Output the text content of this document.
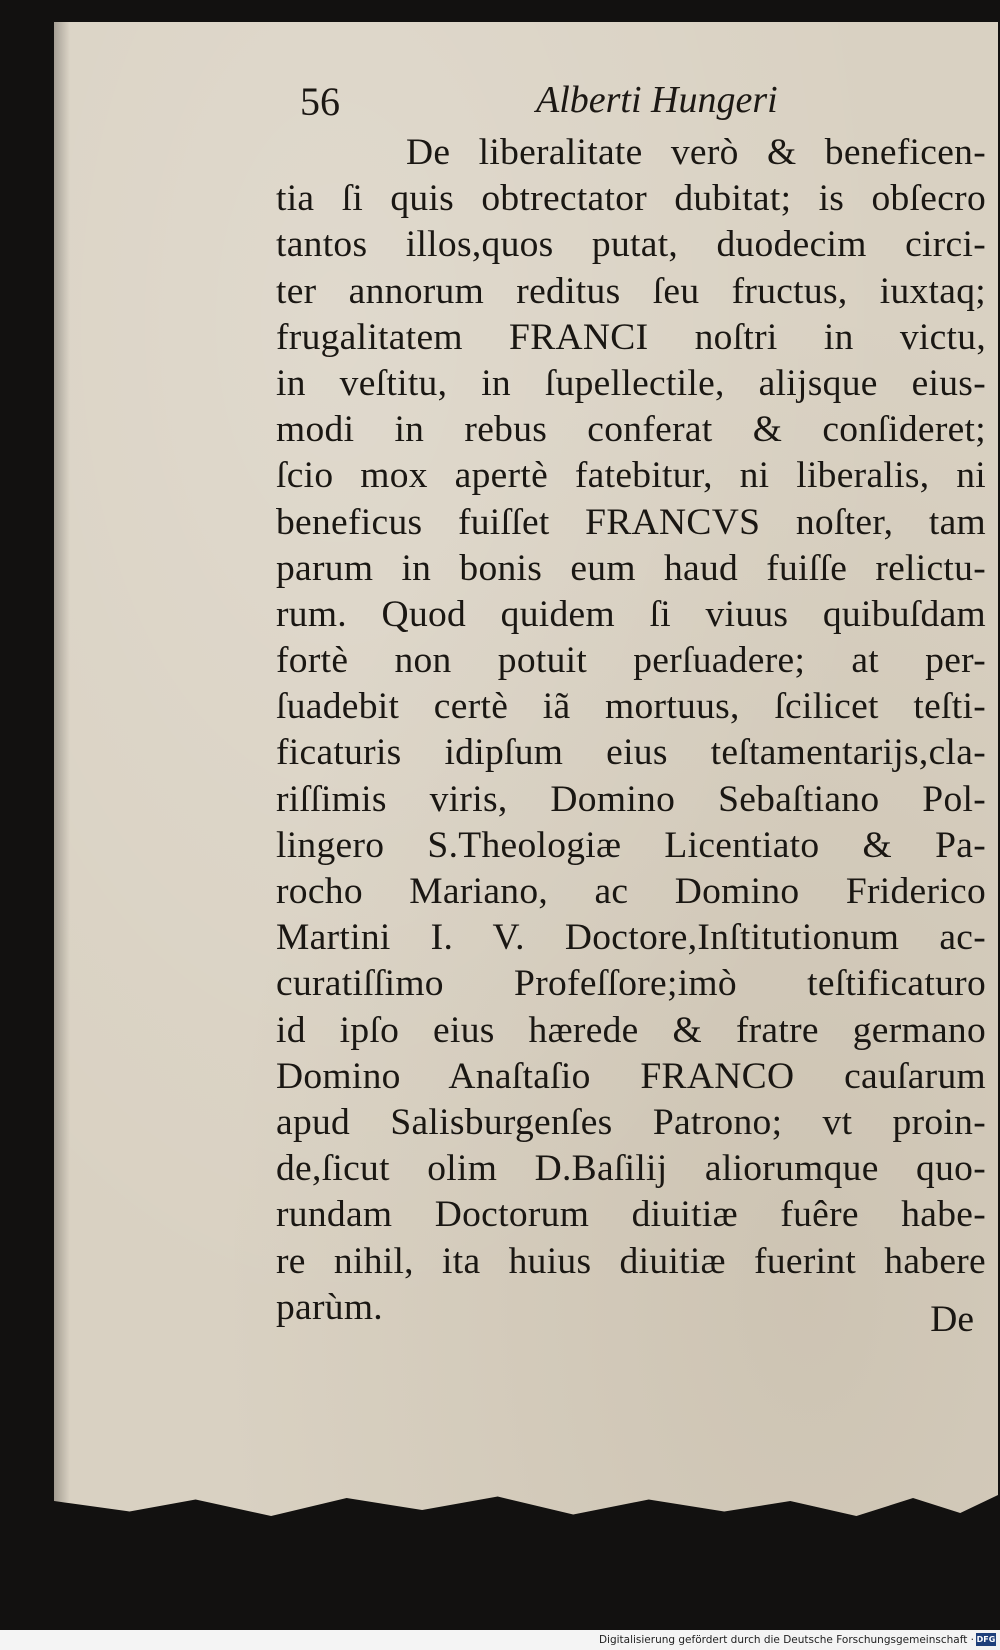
56	Alberti Hungeri
De liberalitate verò & beneficen-
tia ſi quis obtrectator dubitat; is obſecro
tantos illos,quos putat, duodecim circi-
ter annorum reditus ſeu fructus, iuxtaq;
frugalitatem FRANCI noſtri in victu,
in veſtitu, in ſupellectile, alijsque eius-
modi in rebus conferat & conſideret;
ſcio mox apertè fatebitur, ni liberalis, ni
beneficus fuiſſet FRANCVS noſter, tam
parum in bonis eum haud fuiſſe relictu-
rum. Quod quidem ſi viuus quibuſdam
fortè non potuit perſuadere; at per-
ſuadebit certè iã mortuus, ſcilicet teſti-
ficaturis idipſum eius teſtamentarijs,cla-
riſſimis viris, Domino Sebaſtiano Pol-
lingero S.Theologiæ Licentiato & Pa-
rocho Mariano, ac Domino Friderico
Martini I. V. Doctore,Inſtitutionum ac-
curatiſſimo Profeſſore;imò teſtificaturo
id ipſo eius hærede & fratre germano
Domino Anaſtaſio FRANCO cauſarum
apud Salisburgenſes Patrono; vt proin-
de,ſicut olim D.Baſilij aliorumque quo-
rundam Doctorum diuitiæ fuêre habe-
re nihil, ita huius diuitiæ fuerint habere
parùm.	De
Digitalisierung gefördert durch die Deutsche Forschungsgemeinschaft · DFG
